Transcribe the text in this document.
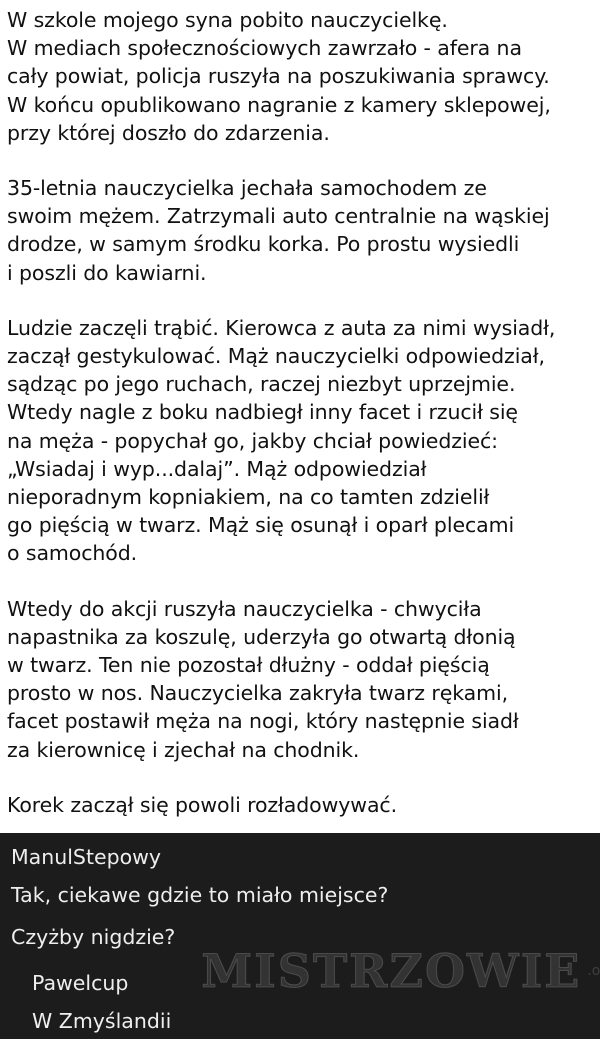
W szkole mojego syna pobito nauczycielkę.
W mediach społecznościowych zawrzało - afera na
cały powiat, policja ruszyła na poszukiwania sprawcy.
W końcu opublikowano nagranie z kamery sklepowej,
przy której doszło do zdarzenia.
35-letnia nauczycielka jechała samochodem ze
swoim mężem. Zatrzymali auto centralnie na wąskiej
drodze, w samym środku korka. Po prostu wysiedli
i poszli do kawiarni.
Ludzie zaczęli trąbić. Kierowca z auta za nimi wysiadł,
zaczął gestykulować. Mąż nauczycielki odpowiedział,
sądząc po jego ruchach, raczej niezbyt uprzejmie.
Wtedy nagle z boku nadbiegł inny facet i rzucił się
na męża - popychał go, jakby chciał powiedzieć:
„Wsiadaj i wyp...dalaj”. Mąż odpowiedział
nieporadnym kopniakiem, na co tamten zdzielił
go pięścią w twarz. Mąż się osunął i oparł plecami
o samochód.
Wtedy do akcji ruszyła nauczycielka - chwyciła
napastnika za koszulę, uderzyła go otwartą dłonią
w twarz. Ten nie pozostał dłużny - oddał pięścią
prosto w nos. Nauczycielka zakryła twarz rękami,
facet postawił męża na nogi, który następnie siadł
za kierownicę i zjechał na chodnik.
Korek zaczął się powoli rozładowywać.
ManulStepowy
Tak, ciekawe gdzie to miało miejsce?
Czyżby nigdzie?
Pawelcup
W Zmyślandii
MISTRZOWIE .org
